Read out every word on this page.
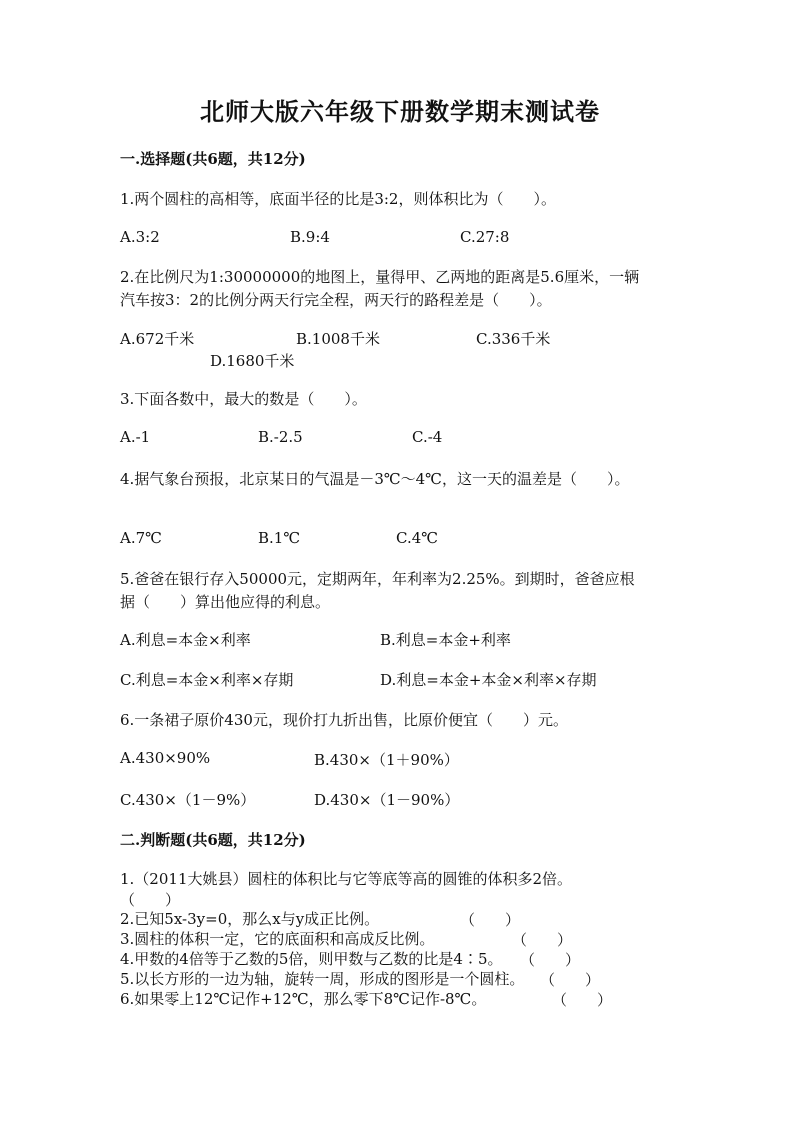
北师大版六年级下册数学期末测试卷
一.选择题(共6题，共12分)
1.两个圆柱的高相等，底面半径的比是3:2，则体积比为（　　）。
A.3:2	B.9:4	C.27:8
2.在比例尺为1:30000000的地图上，量得甲、乙两地的距离是5.6厘米，一辆
汽车按3：2的比例分两天行完全程，两天行的路程差是（　　）。
A.672千米	B.1008千米	C.336千米
D.1680千米
3.下面各数中，最大的数是（　　）。
A.-1	B.-2.5	C.-4
4.据气象台预报，北京某日的气温是－3℃～4℃，这一天的温差是（　　）。
A.7℃	B.1℃	C.4℃
5.爸爸在银行存入50000元，定期两年，年利率为2.25%。到期时，爸爸应根
据（　　）算出他应得的利息。
A.利息=本金×利率	B.利息=本金+利率
C.利息=本金×利率×存期	D.利息=本金+本金×利率×存期
6.一条裙子原价430元，现价打九折出售，比原价便宜（　　）元。
A.430×90%	B.430×（1＋90%）
C.430×（1－9%）	D.430×（1－90%）
二.判断题(共6题，共12分)
1.（2011大姚县）圆柱的体积比与它等底等高的圆锥的体积多2倍。
（　　）
2.已知5x-3y=0，那么x与y成正比例。	（　　）
3.圆柱的体积一定，它的底面积和高成反比例。	（　　）
4.甲数的4倍等于乙数的5倍，则甲数与乙数的比是4∶5。 （　　）
5.以长方形的一边为轴，旋转一周，形成的图形是一个圆柱。 （　　）
6.如果零上12℃记作+12℃，那么零下8℃记作-8℃。	（　　）
